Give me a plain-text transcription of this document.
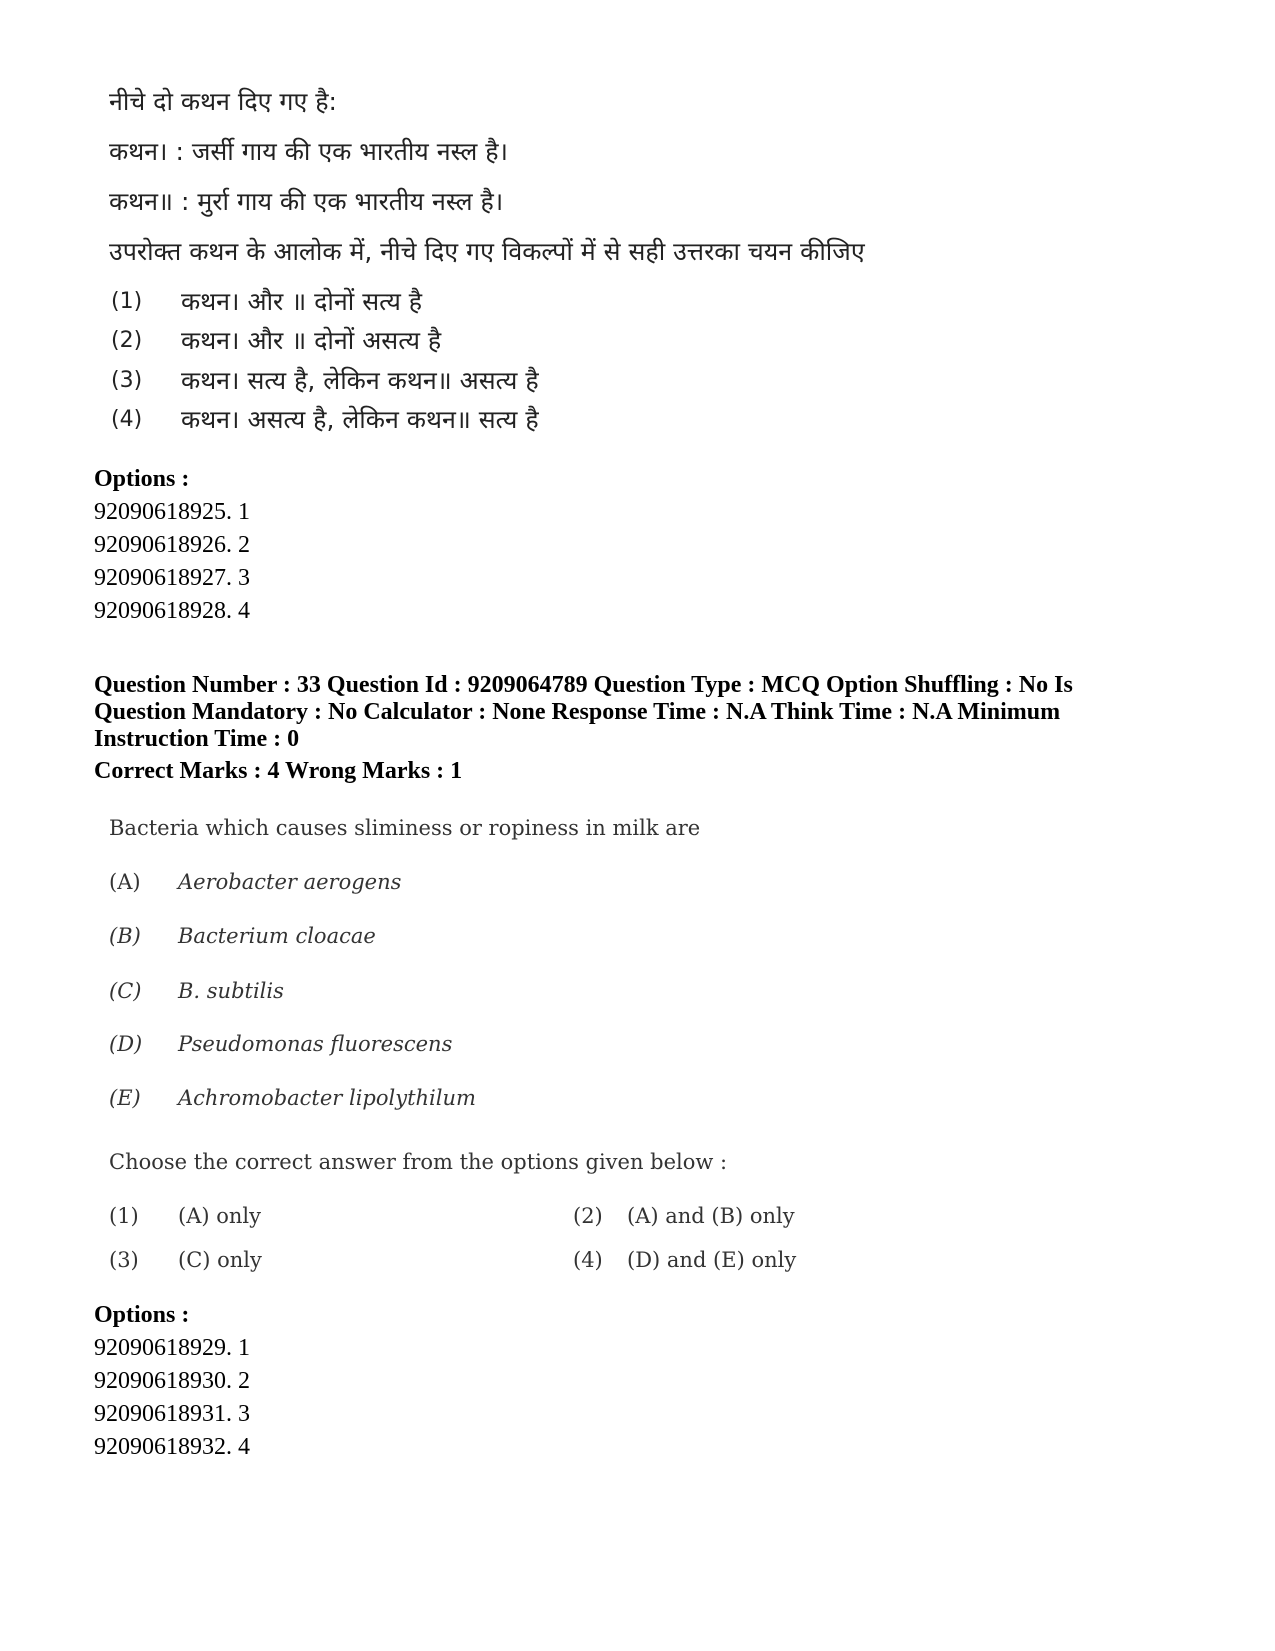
नीचे दो कथन दिए गए है:
कथन। : जर्सी गाय की एक भारतीय नस्ल है।
कथन॥ : मुर्रा गाय की एक भारतीय नस्ल है।
उपरोक्त कथन के आलोक में, नीचे दिए गए विकल्पों में से सही उत्तरका चयन कीजिए
(1) कथन। और ॥ दोनों सत्य है
(2) कथन। और ॥ दोनों असत्य है
(3) कथन। सत्य है, लेकिन कथन॥ असत्य है
(4) कथन। असत्य है, लेकिन कथन॥ सत्य है
Options :
92090618925. 1
92090618926. 2
92090618927. 3
92090618928. 4
Question Number : 33 Question Id : 9209064789 Question Type : MCQ Option Shuffling : No Is
Question Mandatory : No Calculator : None Response Time : N.A Think Time : N.A Minimum
Instruction Time : 0
Correct Marks : 4 Wrong Marks : 1
Bacteria which causes sliminess or ropiness in milk are
(A) Aerobacter aerogens
(B) Bacterium cloacae
(C) B. subtilis
(D) Pseudomonas fluorescens
(E) Achromobacter lipolythilum
Choose the correct answer from the options given below :
(1) (A) only	(2) (A) and (B) only
(3) (C) only	(4) (D) and (E) only
Options :
92090618929. 1
92090618930. 2
92090618931. 3
92090618932. 4
